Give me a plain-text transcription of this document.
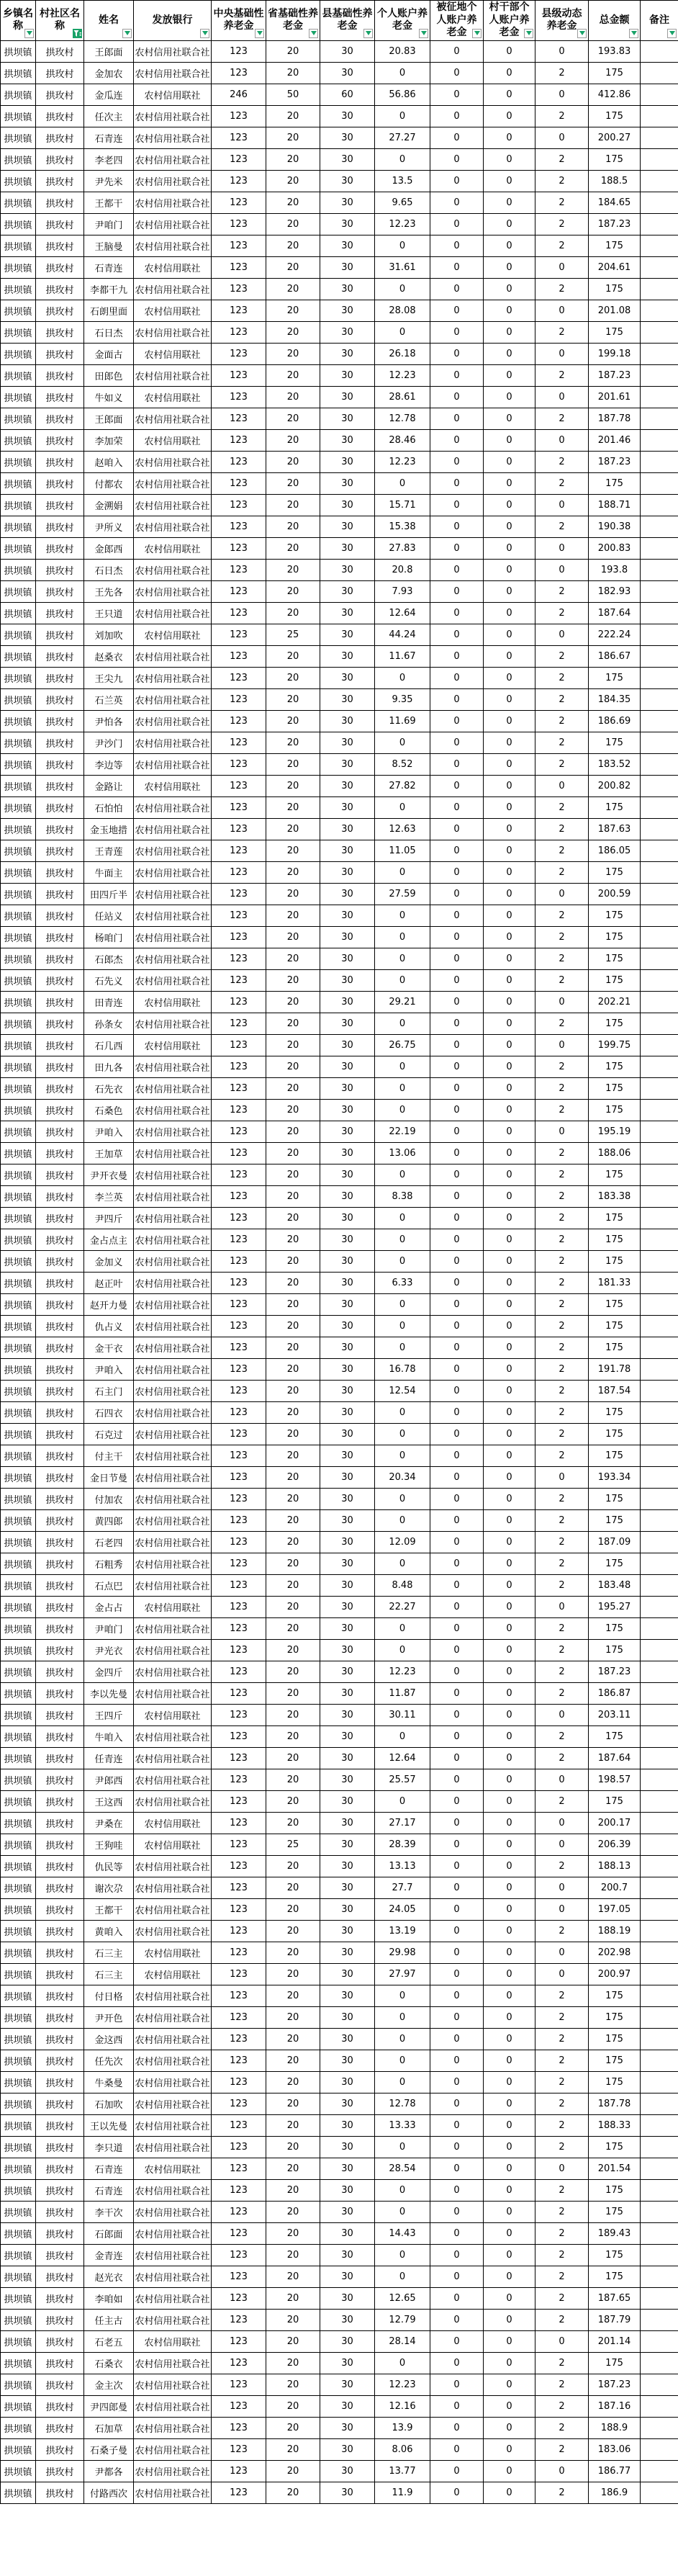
乡镇名称	村社区名称	姓名	发放银行	中央基础性养老金	省基础性养老金	县基础性养老金	个人账户养老金	被征地个人账户养老金	村干部个人账户养老金	县级动态养老金	总金额	备注

拱坝镇	拱玫村	王郎面	农村信用社联合社	123	20	30	20.83	0	0	0	193.83	
拱坝镇	拱玫村	金加农	农村信用社联合社	123	20	30	0	0	0	2	175	
拱坝镇	拱玫村	金瓜连	农村信用联社	246	50	60	56.86	0	0	0	412.86	
拱坝镇	拱玫村	任次主	农村信用社联合社	123	20	30	0	0	0	2	175	
拱坝镇	拱玫村	石青连	农村信用社联合社	123	20	30	27.27	0	0	0	200.27	
拱坝镇	拱玫村	李老四	农村信用社联合社	123	20	30	0	0	0	2	175	
拱坝镇	拱玫村	尹先米	农村信用社联合社	123	20	30	13.5	0	0	2	188.5	
拱坝镇	拱玫村	王都干	农村信用社联合社	123	20	30	9.65	0	0	2	184.65	
拱坝镇	拱玫村	尹咱门	农村信用社联合社	123	20	30	12.23	0	0	2	187.23	
拱坝镇	拱玫村	王脑曼	农村信用社联合社	123	20	30	0	0	0	2	175	
拱坝镇	拱玫村	石青连	农村信用联社	123	20	30	31.61	0	0	0	204.61	
拱坝镇	拱玫村	李都干九	农村信用社联合社	123	20	30	0	0	0	2	175	
拱坝镇	拱玫村	石朗里面	农村信用联社	123	20	30	28.08	0	0	0	201.08	
拱坝镇	拱玫村	石日杰	农村信用社联合社	123	20	30	0	0	0	2	175	
拱坝镇	拱玫村	金面古	农村信用联社	123	20	30	26.18	0	0	0	199.18	
拱坝镇	拱玫村	田郎色	农村信用社联合社	123	20	30	12.23	0	0	2	187.23	
拱坝镇	拱玫村	牛如义	农村信用联社	123	20	30	28.61	0	0	0	201.61	
拱坝镇	拱玫村	王郎面	农村信用社联合社	123	20	30	12.78	0	0	2	187.78	
拱坝镇	拱玫村	李加荣	农村信用联社	123	20	30	28.46	0	0	0	201.46	
拱坝镇	拱玫村	赵咱入	农村信用社联合社	123	20	30	12.23	0	0	2	187.23	
拱坝镇	拱玫村	付都农	农村信用社联合社	123	20	30	0	0	0	2	175	
拱坝镇	拱玫村	金溯娟	农村信用社联合社	123	20	30	15.71	0	0	0	188.71	
拱坝镇	拱玫村	尹所义	农村信用社联合社	123	20	30	15.38	0	0	2	190.38	
拱坝镇	拱玫村	金郎西	农村信用联社	123	20	30	27.83	0	0	0	200.83	
拱坝镇	拱玫村	石日杰	农村信用社联合社	123	20	30	20.8	0	0	0	193.8	
拱坝镇	拱玫村	王先各	农村信用社联合社	123	20	30	7.93	0	0	2	182.93	
拱坝镇	拱玫村	王只道	农村信用社联合社	123	20	30	12.64	0	0	2	187.64	
拱坝镇	拱玫村	刘加吹	农村信用联社	123	25	30	44.24	0	0	0	222.24	
拱坝镇	拱玫村	赵桑衣	农村信用社联合社	123	20	30	11.67	0	0	2	186.67	
拱坝镇	拱玫村	王尖九	农村信用社联合社	123	20	30	0	0	0	2	175	
拱坝镇	拱玫村	石兰英	农村信用社联合社	123	20	30	9.35	0	0	2	184.35	
拱坝镇	拱玫村	尹怕各	农村信用社联合社	123	20	30	11.69	0	0	2	186.69	
拱坝镇	拱玫村	尹沙门	农村信用社联合社	123	20	30	0	0	0	2	175	
拱坝镇	拱玫村	李边等	农村信用社联合社	123	20	30	8.52	0	0	2	183.52	
拱坝镇	拱玫村	金路让	农村信用联社	123	20	30	27.82	0	0	0	200.82	
拱坝镇	拱玫村	石怕怕	农村信用社联合社	123	20	30	0	0	0	2	175	
拱坝镇	拱玫村	金玉地措	农村信用社联合社	123	20	30	12.63	0	0	2	187.63	
拱坝镇	拱玫村	王青莲	农村信用社联合社	123	20	30	11.05	0	0	2	186.05	
拱坝镇	拱玫村	牛面主	农村信用社联合社	123	20	30	0	0	0	2	175	
拱坝镇	拱玫村	田四斤半	农村信用社联合社	123	20	30	27.59	0	0	0	200.59	
拱坝镇	拱玫村	任站义	农村信用社联合社	123	20	30	0	0	0	2	175	
拱坝镇	拱玫村	杨咱门	农村信用社联合社	123	20	30	0	0	0	2	175	
拱坝镇	拱玫村	石郎杰	农村信用社联合社	123	20	30	0	0	0	2	175	
拱坝镇	拱玫村	石先义	农村信用社联合社	123	20	30	0	0	0	2	175	
拱坝镇	拱玫村	田青连	农村信用联社	123	20	30	29.21	0	0	0	202.21	
拱坝镇	拱玫村	孙条女	农村信用社联合社	123	20	30	0	0	0	2	175	
拱坝镇	拱玫村	石几西	农村信用联社	123	20	30	26.75	0	0	0	199.75	
拱坝镇	拱玫村	田九各	农村信用社联合社	123	20	30	0	0	0	2	175	
拱坝镇	拱玫村	石先衣	农村信用社联合社	123	20	30	0	0	0	2	175	
拱坝镇	拱玫村	石桑色	农村信用社联合社	123	20	30	0	0	0	2	175	
拱坝镇	拱玫村	尹咱入	农村信用社联合社	123	20	30	22.19	0	0	0	195.19	
拱坝镇	拱玫村	王加草	农村信用社联合社	123	20	30	13.06	0	0	2	188.06	
拱坝镇	拱玫村	尹开衣曼	农村信用社联合社	123	20	30	0	0	0	2	175	
拱坝镇	拱玫村	李兰英	农村信用社联合社	123	20	30	8.38	0	0	2	183.38	
拱坝镇	拱玫村	尹四斤	农村信用社联合社	123	20	30	0	0	0	2	175	
拱坝镇	拱玫村	金占点主	农村信用社联合社	123	20	30	0	0	0	2	175	
拱坝镇	拱玫村	金加义	农村信用社联合社	123	20	30	0	0	0	2	175	
拱坝镇	拱玫村	赵正叶	农村信用社联合社	123	20	30	6.33	0	0	2	181.33	
拱坝镇	拱玫村	赵开力曼	农村信用社联合社	123	20	30	0	0	0	2	175	
拱坝镇	拱玫村	仇占义	农村信用社联合社	123	20	30	0	0	0	2	175	
拱坝镇	拱玫村	金干衣	农村信用社联合社	123	20	30	0	0	0	2	175	
拱坝镇	拱玫村	尹咱入	农村信用社联合社	123	20	30	16.78	0	0	2	191.78	
拱坝镇	拱玫村	石主门	农村信用社联合社	123	20	30	12.54	0	0	2	187.54	
拱坝镇	拱玫村	石四衣	农村信用社联合社	123	20	30	0	0	0	2	175	
拱坝镇	拱玫村	石克过	农村信用社联合社	123	20	30	0	0	0	2	175	
拱坝镇	拱玫村	付主干	农村信用社联合社	123	20	30	0	0	0	2	175	
拱坝镇	拱玫村	金日节曼	农村信用社联合社	123	20	30	20.34	0	0	0	193.34	
拱坝镇	拱玫村	付加农	农村信用社联合社	123	20	30	0	0	0	2	175	
拱坝镇	拱玫村	黄四郎	农村信用社联合社	123	20	30	0	0	0	2	175	
拱坝镇	拱玫村	石老四	农村信用社联合社	123	20	30	12.09	0	0	2	187.09	
拱坝镇	拱玫村	石粗秀	农村信用社联合社	123	20	30	0	0	0	2	175	
拱坝镇	拱玫村	石点巴	农村信用社联合社	123	20	30	8.48	0	0	2	183.48	
拱坝镇	拱玫村	金占占	农村信用联社	123	20	30	22.27	0	0	0	195.27	
拱坝镇	拱玫村	尹咱门	农村信用社联合社	123	20	30	0	0	0	2	175	
拱坝镇	拱玫村	尹光衣	农村信用社联合社	123	20	30	0	0	0	2	175	
拱坝镇	拱玫村	金四斤	农村信用社联合社	123	20	30	12.23	0	0	2	187.23	
拱坝镇	拱玫村	李以先曼	农村信用社联合社	123	20	30	11.87	0	0	2	186.87	
拱坝镇	拱玫村	王四斤	农村信用联社	123	20	30	30.11	0	0	0	203.11	
拱坝镇	拱玫村	牛咱入	农村信用社联合社	123	20	30	0	0	0	2	175	
拱坝镇	拱玫村	任青连	农村信用社联合社	123	20	30	12.64	0	0	2	187.64	
拱坝镇	拱玫村	尹郎西	农村信用社联合社	123	20	30	25.57	0	0	0	198.57	
拱坝镇	拱玫村	王这西	农村信用社联合社	123	20	30	0	0	0	2	175	
拱坝镇	拱玫村	尹桑在	农村信用联社	123	20	30	27.17	0	0	0	200.17	
拱坝镇	拱玫村	王狗哇	农村信用联社	123	25	30	28.39	0	0	0	206.39	
拱坝镇	拱玫村	仇民等	农村信用社联合社	123	20	30	13.13	0	0	2	188.13	
拱坝镇	拱玫村	谢次尕	农村信用社联合社	123	20	30	27.7	0	0	0	200.7	
拱坝镇	拱玫村	王都干	农村信用社联合社	123	20	30	24.05	0	0	0	197.05	
拱坝镇	拱玫村	黄咱入	农村信用社联合社	123	20	30	13.19	0	0	2	188.19	
拱坝镇	拱玫村	石三主	农村信用联社	123	20	30	29.98	0	0	0	202.98	
拱坝镇	拱玫村	石三主	农村信用联社	123	20	30	27.97	0	0	0	200.97	
拱坝镇	拱玫村	付日格	农村信用社联合社	123	20	30	0	0	0	2	175	
拱坝镇	拱玫村	尹开色	农村信用社联合社	123	20	30	0	0	0	2	175	
拱坝镇	拱玫村	金这西	农村信用社联合社	123	20	30	0	0	0	2	175	
拱坝镇	拱玫村	任先次	农村信用社联合社	123	20	30	0	0	0	2	175	
拱坝镇	拱玫村	牛桑曼	农村信用社联合社	123	20	30	0	0	0	2	175	
拱坝镇	拱玫村	石加吹	农村信用社联合社	123	20	30	12.78	0	0	2	187.78	
拱坝镇	拱玫村	王以先曼	农村信用社联合社	123	20	30	13.33	0	0	2	188.33	
拱坝镇	拱玫村	李只道	农村信用社联合社	123	20	30	0	0	0	2	175	
拱坝镇	拱玫村	石青连	农村信用联社	123	20	30	28.54	0	0	0	201.54	
拱坝镇	拱玫村	石青连	农村信用社联合社	123	20	30	0	0	0	2	175	
拱坝镇	拱玫村	李干次	农村信用社联合社	123	20	30	0	0	0	2	175	
拱坝镇	拱玫村	石郎面	农村信用社联合社	123	20	30	14.43	0	0	2	189.43	
拱坝镇	拱玫村	金青连	农村信用社联合社	123	20	30	0	0	0	2	175	
拱坝镇	拱玫村	赵光衣	农村信用社联合社	123	20	30	0	0	0	2	175	
拱坝镇	拱玫村	李咱如	农村信用社联合社	123	20	30	12.65	0	0	2	187.65	
拱坝镇	拱玫村	任主古	农村信用社联合社	123	20	30	12.79	0	0	2	187.79	
拱坝镇	拱玫村	石老五	农村信用联社	123	20	30	28.14	0	0	0	201.14	
拱坝镇	拱玫村	石桑衣	农村信用社联合社	123	20	30	0	0	0	2	175	
拱坝镇	拱玫村	金主次	农村信用社联合社	123	20	30	12.23	0	0	2	187.23	
拱坝镇	拱玫村	尹四郎曼	农村信用社联合社	123	20	30	12.16	0	0	2	187.16	
拱坝镇	拱玫村	石加草	农村信用社联合社	123	20	30	13.9	0	0	2	188.9	
拱坝镇	拱玫村	石桑子曼	农村信用社联合社	123	20	30	8.06	0	0	2	183.06	
拱坝镇	拱玫村	尹都各	农村信用社联合社	123	20	30	13.77	0	0	0	186.77	
拱坝镇	拱玫村	付路西次	农村信用社联合社	123	20	30	11.9	0	0	2	186.9	
